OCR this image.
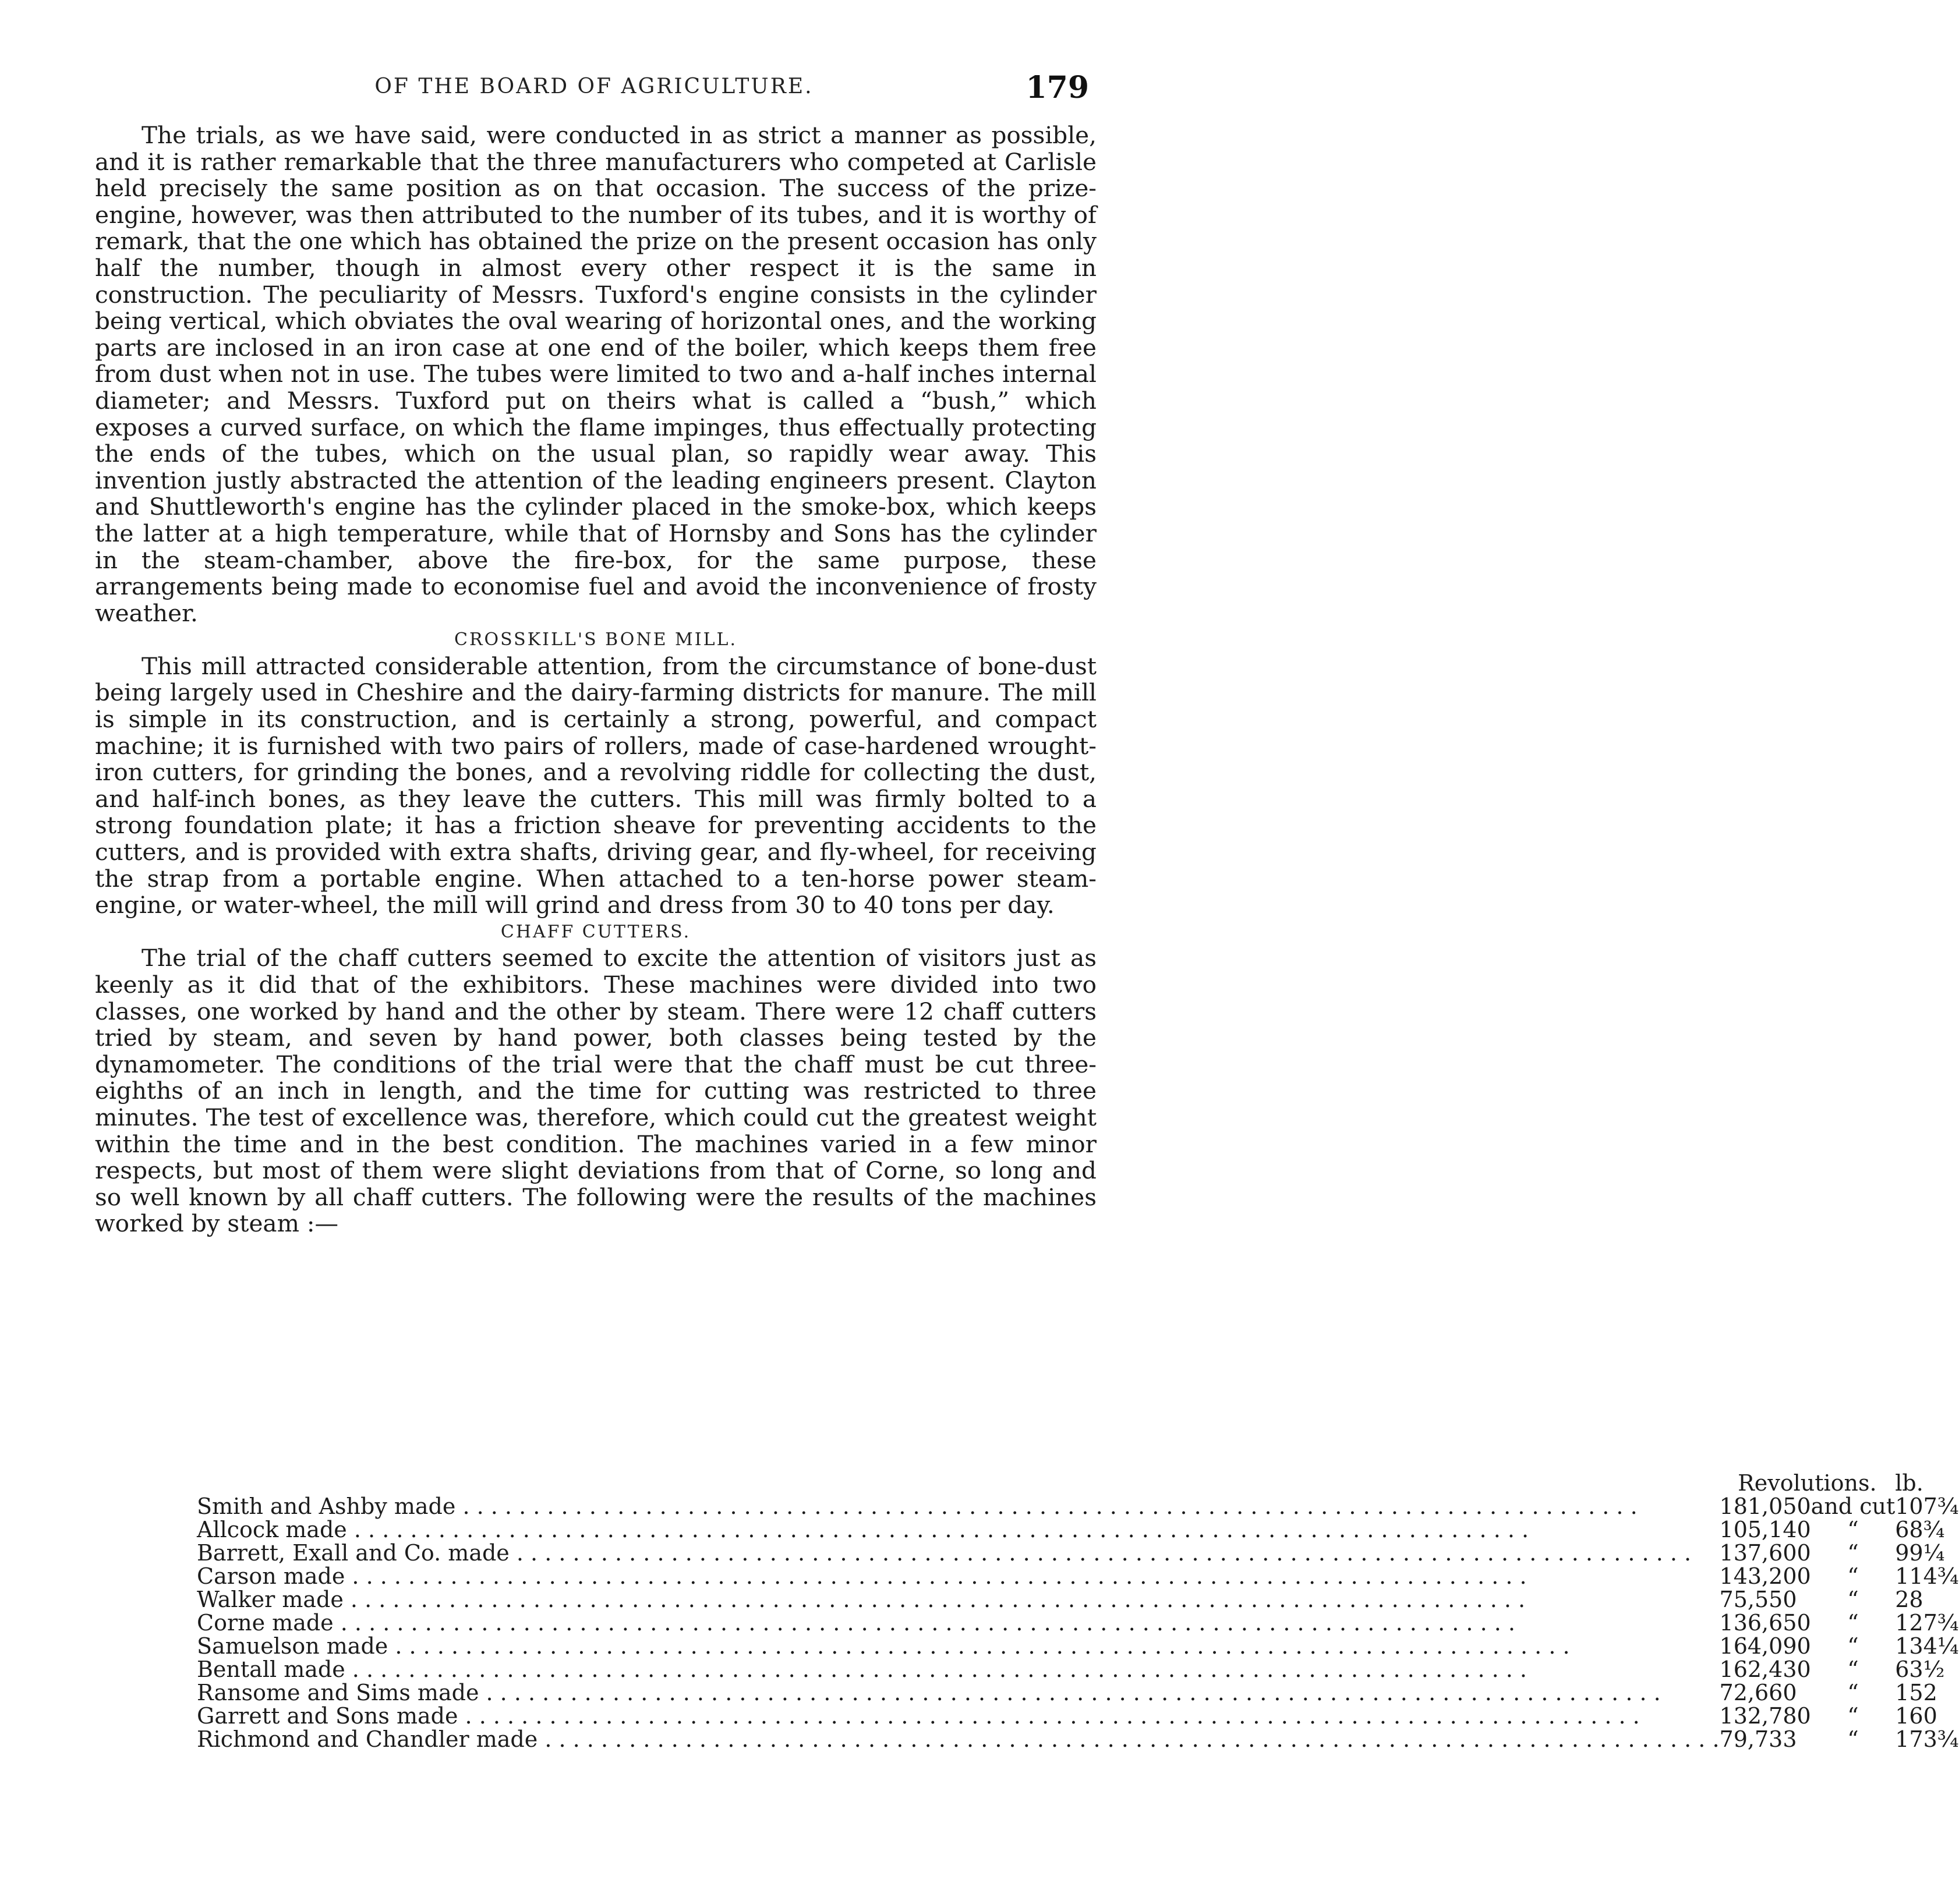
OF THE BOARD OF AGRICULTURE.	179

The trials, as we have said, were conducted in as strict a manner as possible, and it is rather remarkable that the three manufacturers who competed at Carlisle held precisely the same position as on that occasion. The success of the prize-engine, however, was then attributed to the number of its tubes, and it is worthy of remark, that the one which has obtained the prize on the present occasion has only half the number, though in almost every other respect it is the same in construction. The peculiarity of Messrs. Tuxford's engine consists in the cylinder being vertical, which obviates the oval wearing of horizontal ones, and the working parts are inclosed in an iron case at one end of the boiler, which keeps them free from dust when not in use. The tubes were limited to two and a-half inches internal diameter; and Messrs. Tuxford put on theirs what is called a “bush,” which exposes a curved surface, on which the flame impinges, thus effectually protecting the ends of the tubes, which on the usual plan, so rapidly wear away. This invention justly abstracted the attention of the leading engineers present. Clayton and Shuttleworth's engine has the cylinder placed in the smoke-box, which keeps the latter at a high temperature, while that of Hornsby and Sons has the cylinder in the steam-chamber, above the fire-box, for the same purpose, these arrangements being made to economise fuel and avoid the inconvenience of frosty weather.

CROSSKILL'S BONE MILL.

This mill attracted considerable attention, from the circumstance of bone-dust being largely used in Cheshire and the dairy-farming districts for manure. The mill is simple in its construction, and is certainly a strong, powerful, and compact machine; it is furnished with two pairs of rollers, made of case-hardened wrought-iron cutters, for grinding the bones, and a revolving riddle for collecting the dust, and half-inch bones, as they leave the cutters. This mill was firmly bolted to a strong foundation plate; it has a friction sheave for preventing accidents to the cutters, and is provided with extra shafts, driving gear, and fly-wheel, for receiving the strap from a portable engine. When attached to a ten-horse power steam-engine, or water-wheel, the mill will grind and dress from 30 to 40 tons per day.

CHAFF CUTTERS.

The trial of the chaff cutters seemed to excite the attention of visitors just as keenly as it did that of the exhibitors. These machines were divided into two classes, one worked by hand and the other by steam. There were 12 chaff cutters tried by steam, and seven by hand power, both classes being tested by the dynamometer. The conditions of the trial were that the chaff must be cut three-eighths of an inch in length, and the time for cutting was restricted to three minutes. The test of excellence was, therefore, which could cut the greatest weight within the time and in the best condition. The machines varied in a few minor respects, but most of them were slight deviations from that of Corne, so long and so well known by all chaff cutters. The following were the results of the machines worked by steam :—

	Revolutions.		lb.

Smith and Ashby made . . .	181,050	and cut	107¾

Allcock made . . .	105,140	“	68¾

Barrett, Exall and Co. made . . .	137,600	“	99¼

Carson made . . .	143,200	“	114¾

Walker made . . .	75,550	“	28

Corne made . . .	136,650	“	127¾

Samuelson made . . .	164,090	“	134¼

Bentall made . . .	162,430	“	63½

Ransome and Sims made . . .	72,660	“	152

Garrett and Sons made . . .	132,780	“	160

Richmond and Chandler made . . .	79,733	“	173¾
